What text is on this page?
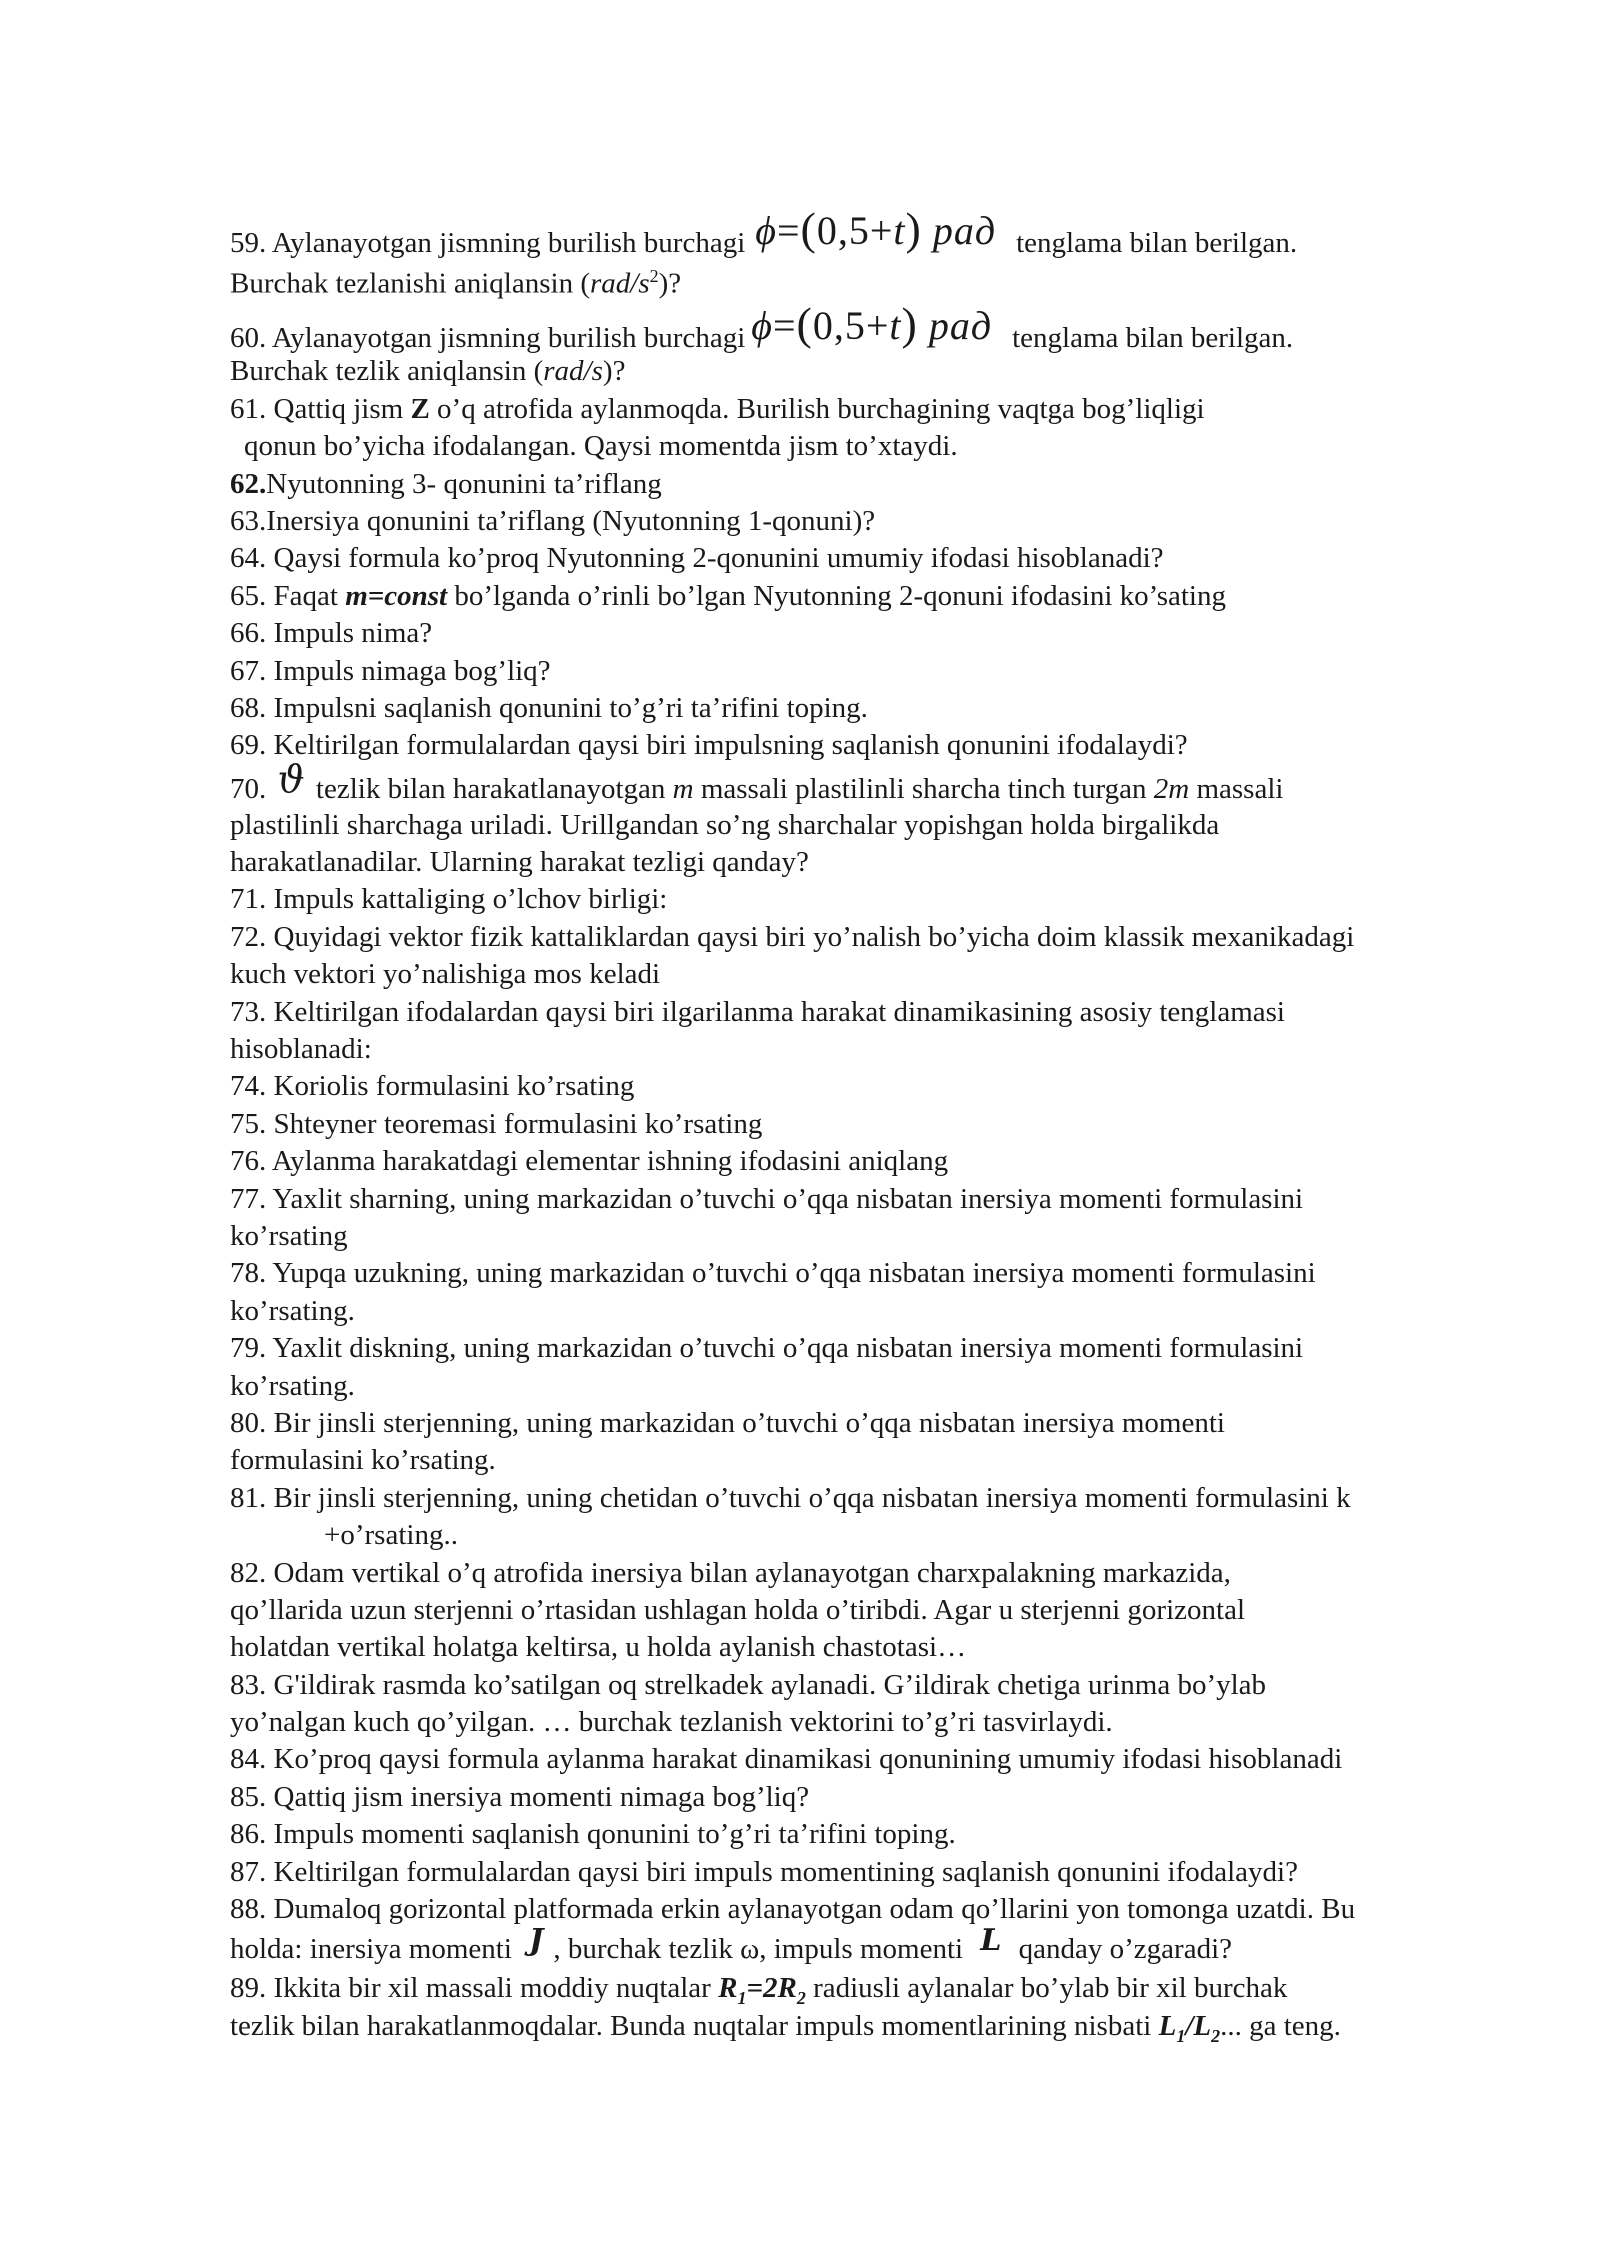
59. Aylanayotgan jismning burilish burchagi ϕ=(0,5+t) рад tenglama bilan berilgan.
Burchak tezlanishi aniqlansin $(rad/s^2)$?
60. Aylanayotgan jismning burilish burchagi ϕ=(0,5+t) рад tenglama bilan berilgan.
Burchak tezlik aniqlansin (rad/s)?
61. Qattiq jism Z o’q atrofida aylanmoqda. Burilish burchagining vaqtga bog’liqligi
qonun bo’yicha ifodalangan. Qaysi momentda jism to’xtaydi.
62.Nyutonning 3- qonunini ta’riflang
63.Inersiya qonunini ta’riflang (Nyutonning 1-qonuni)?
64. Qaysi formula ko’proq Nyutonning 2-qonunini umumiy ifodasi hisoblanadi?
65. Faqat m=const bo’lganda o’rinli bo’lgan Nyutonning 2-qonuni ifodasini ko’sating
66. Impuls nima?
67. Impuls nimaga bog’liq?
68. Impulsni saqlanish qonunini to’g’ri ta’rifini toping.
69. Keltirilgan formulalardan qaysi biri impulsning saqlanish qonunini ifodalaydi?
70. ϑ tezlik bilan harakatlanayotgan m massali plastilinli sharcha tinch turgan 2m massali
plastilinli sharchaga uriladi. Urillgandan so’ng sharchalar yopishgan holda birgalikda
harakatlanadilar. Ularning harakat tezligi qanday?
71. Impuls kattaliging o’lchov birligi:
72. Quyidagi vektor fizik kattaliklardan qaysi biri yo’nalish bo’yicha doim klassik mexanikadagi
kuch vektori yo’nalishiga mos keladi
73. Keltirilgan ifodalardan qaysi biri ilgarilanma harakat dinamikasining asosiy tenglamasi
hisoblanadi:
74. Koriolis formulasini ko’rsating
75. Shteyner teoremasi formulasini ko’rsating
76. Aylanma harakatdagi elementar ishning ifodasini aniqlang
77. Yaxlit sharning, uning markazidan o’tuvchi o’qqa nisbatan inersiya momenti formulasini
ko’rsating
78. Yupqa uzukning, uning markazidan o’tuvchi o’qqa nisbatan inersiya momenti formulasini
ko’rsating.
79. Yaxlit diskning, uning markazidan o’tuvchi o’qqa nisbatan inersiya momenti formulasini
ko’rsating.
80. Bir jinsli sterjenning, uning markazidan o’tuvchi o’qqa nisbatan inersiya momenti
formulasini ko’rsating.
81. Bir jinsli sterjenning, uning chetidan o’tuvchi o’qqa nisbatan inersiya momenti formulasini k
+o’rsating..
82. Odam vertikal o’q atrofida inersiya bilan aylanayotgan charxpalakning markazida,
qo’llarida uzun sterjenni o’rtasidan ushlagan holda o’tiribdi. Agar u sterjenni gorizontal
holatdan vertikal holatga keltirsa, u holda aylanish chastotasi…
83. G'ildirak rasmda ko’satilgan oq strelkadek aylanadi. G’ildirak chetiga urinma bo’ylab
yo’nalgan kuch qo’yilgan. … burchak tezlanish vektorini to’g’ri tasvirlaydi.
84. Ko’proq qaysi formula aylanma harakat dinamikasi qonunining umumiy ifodasi hisoblanadi
85. Qattiq jism inersiya momenti nimaga bog’liq?
86. Impuls momenti saqlanish qonunini to’g’ri ta’rifini toping.
87. Keltirilgan formulalardan qaysi biri impuls momentining saqlanish qonunini ifodalaydi?
88. Dumaloq gorizontal platformada erkin aylanayotgan odam qo’llarini yon tomonga uzatdi. Bu
holda: inersiya momenti J , burchak tezlik ω, impuls momenti L qanday o’zgaradi?
89. Ikkita bir xil massali moddiy nuqtalar $R_1=2R_2$ radiusli aylanalar bo’ylab bir xil burchak
tezlik bilan harakatlanmoqdalar. Bunda nuqtalar impuls momentlarining nisbati $L_1/L_2$... ga teng.
